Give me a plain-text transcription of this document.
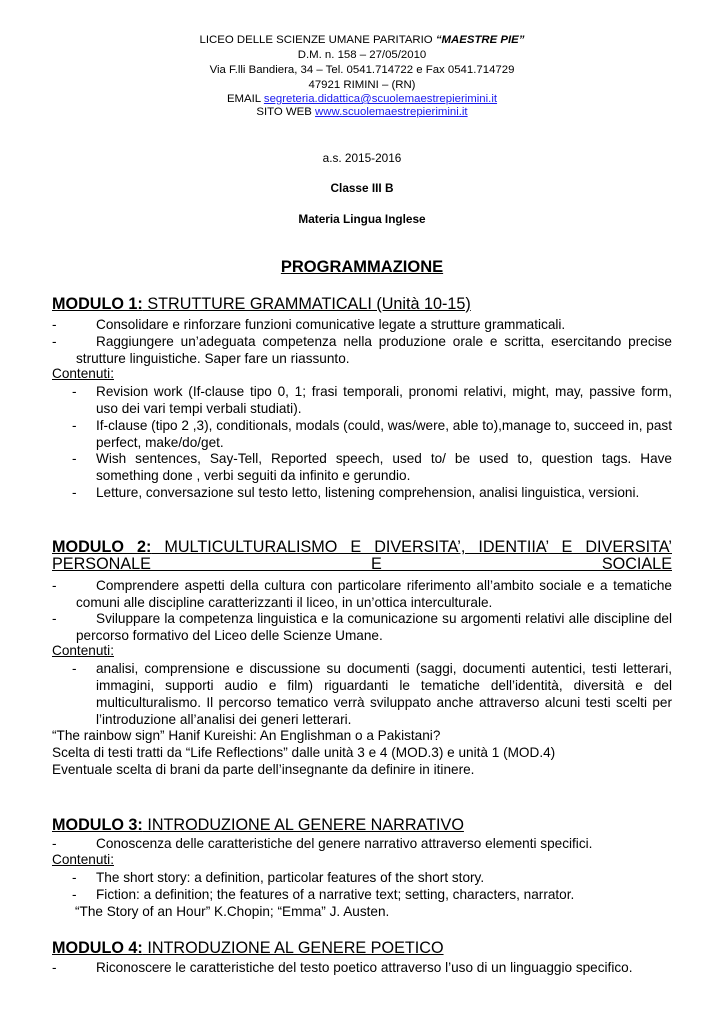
LICEO DELLE SCIENZE UMANE PARITARIO “MAESTRE PIE”
D.M. n. 158 – 27/05/2010
Via F.lli Bandiera, 34 – Tel. 0541.714722 e Fax 0541.714729
47921 RIMINI – (RN)
EMAIL segreteria.didattica@scuolemaestrepierimini.it
SITO WEB www.scuolemaestrepierimini.it
a.s. 2015-2016
Classe III B
Materia Lingua Inglese
PROGRAMMAZIONE
MODULO 1: STRUTTURE GRAMMATICALI (Unità 10-15)
-	Consolidare e rinforzare funzioni comunicative legate a strutture grammaticali.
-	Raggiungere un’adeguata competenza nella produzione orale e scritta, esercitando precise strutture linguistiche. Saper fare un riassunto.
Contenuti:
- Revision work (If-clause tipo 0, 1; frasi temporali, pronomi relativi, might, may, passive form, uso dei vari tempi verbali studiati).
- If-clause (tipo 2 ,3), conditionals, modals (could, was/were, able to),manage to, succeed in, past perfect, make/do/get.
- Wish sentences, Say-Tell, Reported speech, used to/ be used to, question tags. Have something done , verbi seguiti da infinito e gerundio.
- Letture, conversazione sul testo letto, listening comprehension, analisi linguistica, versioni.
MODULO 2: MULTICULTURALISMO E DIVERSITA’, IDENTIIA’ E DIVERSITA’ PERSONALE E SOCIALE
-	Comprendere aspetti della cultura con particolare riferimento all’ambito sociale e a tematiche comuni alle discipline caratterizzanti il liceo, in un’ottica interculturale.
-	Sviluppare la competenza linguistica e la comunicazione su argomenti relativi alle discipline del percorso formativo del Liceo delle Scienze Umane.
Contenuti:
- analisi, comprensione e discussione su documenti (saggi, documenti autentici, testi letterari, immagini, supporti audio e film) riguardanti le tematiche dell’identità, diversità e del multiculturalismo. Il percorso tematico verrà sviluppato anche attraverso alcuni testi scelti per l’introduzione all’analisi dei generi letterari.
“The rainbow sign” Hanif Kureishi: An Englishman o a Pakistani?
Scelta di testi tratti da “Life Reflections” dalle unità 3 e 4 (MOD.3) e unità 1 (MOD.4)
Eventuale scelta di brani da parte dell’insegnante da definire in itinere.
MODULO 3: INTRODUZIONE AL GENERE NARRATIVO
-	Conoscenza delle caratteristiche del genere narrativo attraverso elementi specifici.
Contenuti:
- The short story: a definition, particolar features of the short story.
- Fiction: a definition; the features of a narrative text; setting, characters, narrator.
“The Story of an Hour” K.Chopin; “Emma” J. Austen.
MODULO 4: INTRODUZIONE AL GENERE POETICO
-	Riconoscere le caratteristiche del testo poetico attraverso l’uso di un linguaggio specifico.
